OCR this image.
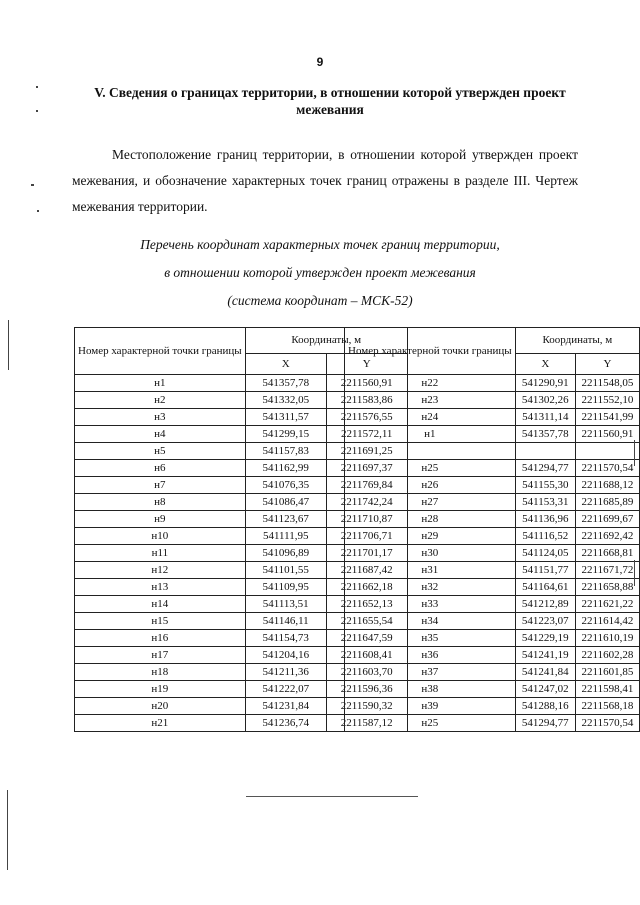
9
V. Сведения о границах территории, в отношении которой утвержден проект
межевания

Местоположение границ территории, в отношении которой утвержден проект межевания, и обозначение характерных точек границ отражены в разделе III. Чертеж межевания территории.

Перечень координат характерных точек границ территории,
в отношении которой утвержден проект межевания
(система координат – МСК-52)
Номер характерной точки границы	Координаты, м	
	X	Y
н1	541357,78	2211560,91
н2	541332,05	2211583,86
н3	541311,57	2211576,55
н4	541299,15	2211572,11
н5	541157,83	2211691,25
н6	541162,99	2211697,37
н7	541076,35	2211769,84
н8	541086,47	2211742,24
н9	541123,67	2211710,87
н10	541111,95	2211706,71
н11	541096,89	2211701,17
н12	541101,55	2211687,42
н13	541109,95	2211662,18
н14	541113,51	2211652,13
н15	541146,11	2211655,54
н16	541154,73	2211647,59
н17	541204,16	2211608,41
н18	541211,36	2211603,70
н19	541222,07	2211596,36
н20	541231,84	2211590,32
н21	541236,74	2211587,12
Номер характерной точки границы	Координаты, м	
	X	Y
н22	541290,91	2211548,05
н23	541302,26	2211552,10
н24	541311,14	2211541,99
н1	541357,78	2211560,91

н25	541294,77	2211570,54
н26	541155,30	2211688,12
н27	541153,31	2211685,89
н28	541136,96	2211699,67
н29	541116,52	2211692,42
н30	541124,05	2211668,81
н31	541151,77	2211671,72
н32	541164,61	2211658,88
н33	541212,89	2211621,22
н34	541223,07	2211614,42
н35	541229,19	2211610,19
н36	541241,19	2211602,28
н37	541241,84	2211601,85
н38	541247,02	2211598,41
н39	541288,16	2211568,18
н25	541294,77	2211570,54
